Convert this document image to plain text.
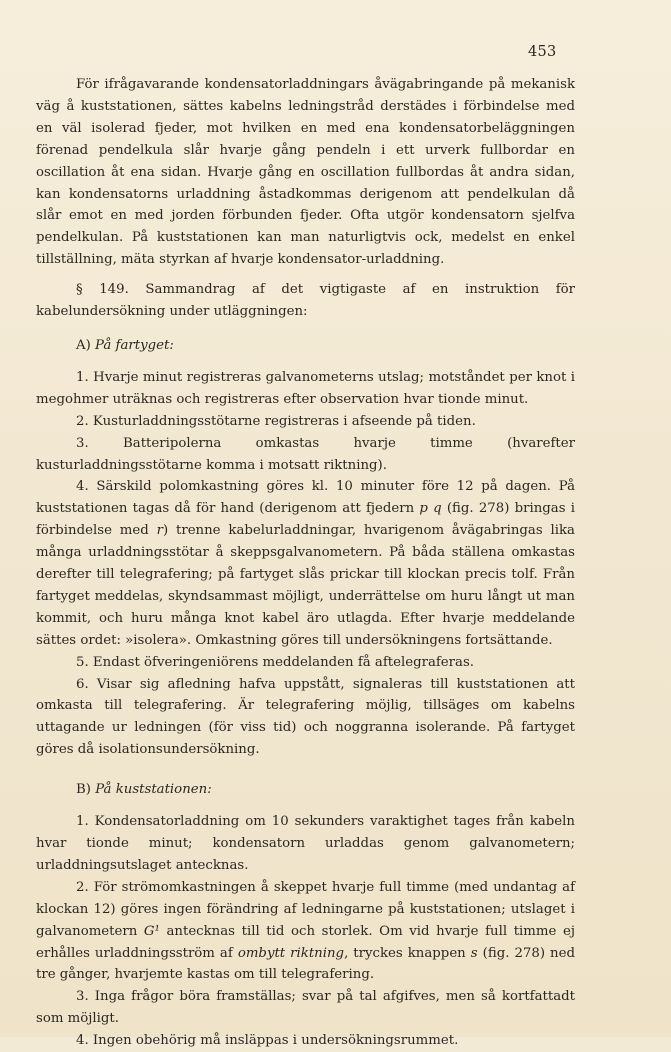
453

För ifrågavarande kondensatorladdningars åvägabringande på mekanisk väg å kuststationen, sättes kabelns ledningstråd derstädes i förbindelse med en väl isolerad fjeder, mot hvilken en med ena kondensatorbeläggningen förenad pendelkula slår hvarje gång pendeln i ett urverk fullbordar en oscillation åt ena sidan. Hvarje gång en oscillation fullbordas åt andra sidan, kan kondensatorns urladdning åstadkommas derigenom att pendelkulan då slår emot en med jorden förbunden fjeder. Ofta utgör kondensatorn sjelfva pendelkulan. På kuststationen kan man naturligtvis ock, medelst en enkel tillställning, mäta styrkan af hvarje kondensator-urladdning.

§ 149. Sammandrag af det vigtigaste af en instruktion för kabelundersökning under utläggningen:

A) På fartyget:

1. Hvarje minut registreras galvanometerns utslag; motståndet per knot i megohmer uträknas och registreras efter observation hvar tionde minut.

2. Kusturladdningsstötarne registreras i afseende på tiden.

3.	Batteripolerna omkastas hvarje timme (hvarefter kusturladdningsstötarne komma i motsatt riktning).

4. Särskild polomkastning göres kl. 10 minuter före 12 på dagen. På kuststationen tagas då för hand (derigenom att fjedern p q (fig. 278) bringas i förbindelse med r) trenne kabelurladdningar, hvarigenom åvägabringas lika många urladdningsstötar å skeppsgalvanometern. På båda ställena omkastas derefter till telegrafering; på fartyget slås prickar till klockan precis tolf. Från fartyget meddelas, skyndsammast möjligt, underrättelse om huru långt ut man kommit, och huru många knot kabel äro utlagda. Efter hvarje meddelande sättes ordet: »isolera». Omkastning göres till undersökningens fortsättande.

5. Endast öfveringeniörens meddelanden få aftelegraferas.

6. Visar sig afledning hafva uppstått, signaleras till kuststationen att omkasta till telegrafering. Är telegrafering möjlig, tillsäges om kabelns uttagande ur ledningen (för viss tid) och noggranna isolerande. På fartyget göres då isolationsundersökning.

B) På kuststationen:

1. Kondensatorladdning om 10 sekunders varaktighet tages från kabeln hvar tionde minut; kondensatorn urladdas genom galvanometern; urladdningsutslaget antecknas.

2. För strömomkastningen å skeppet hvarje full timme (med undantag af klockan 12) göres ingen förändring af ledningarne på kuststationen; utslaget i galvanometern G¹ antecknas till tid och storlek. Om vid hvarje full timme ej erhålles urladdningsström af ombytt riktning, tryckes knappen s (fig. 278) ned tre gånger, hvarjemte kastas om till telegrafering.

3. Inga frågor böra framställas; svar på tal afgifves, men så kortfattadt som möjligt.

4. Ingen obehörig må insläppas i undersökningsrummet.
